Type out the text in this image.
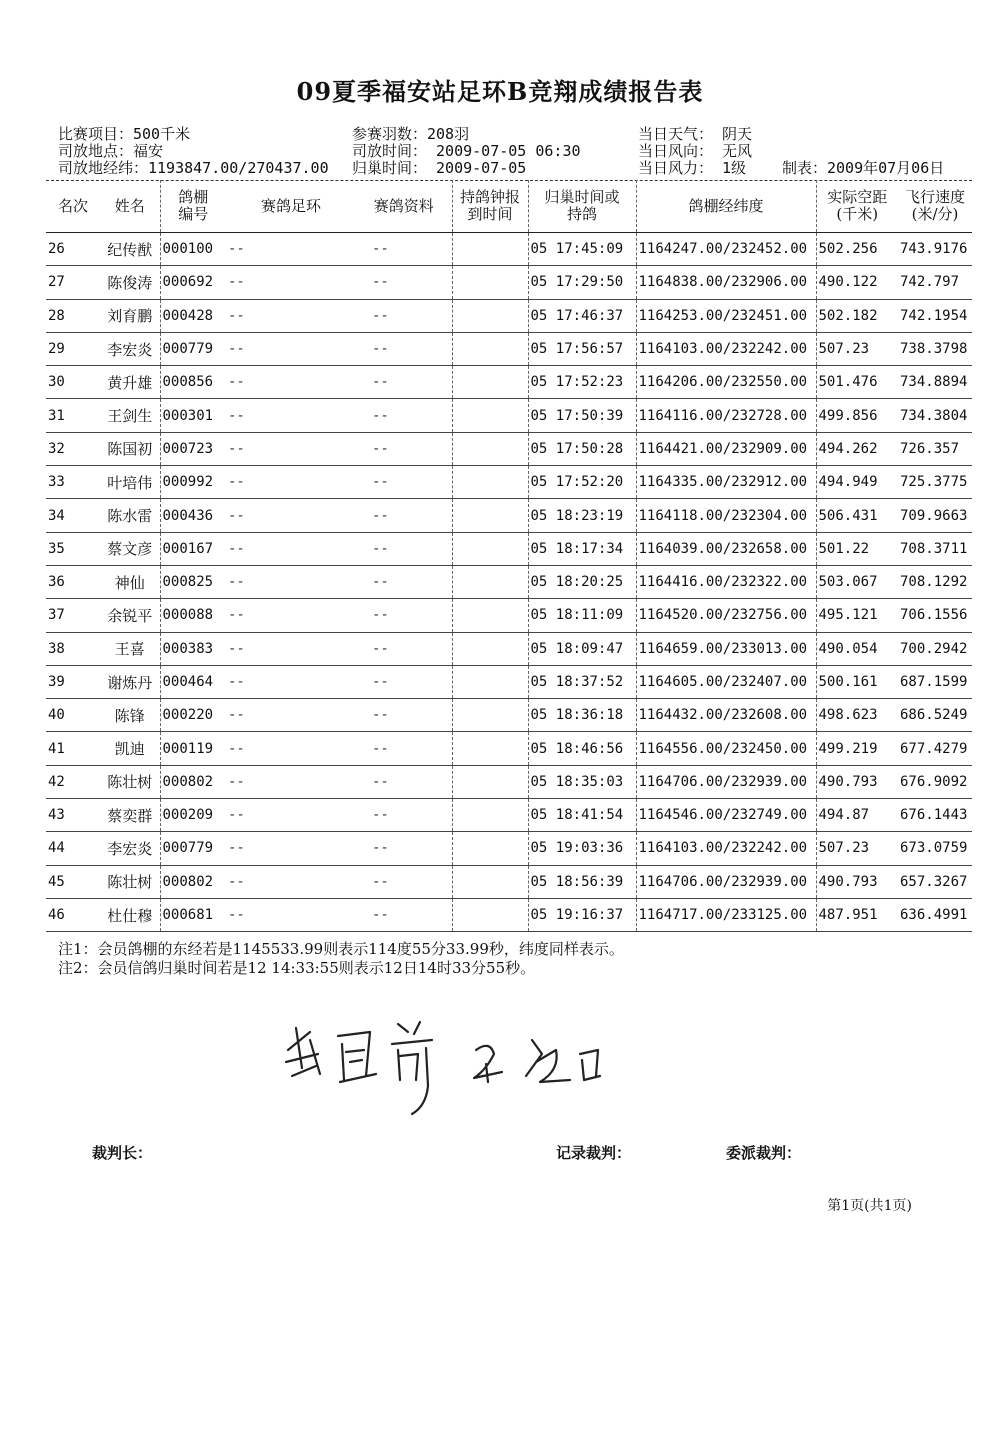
09夏季福安站足环B竞翔成绩报告表
比赛项目：500千米
司放地点：福安
司放地经纬：1193847.00/270437.00
参赛羽数：208羽
司放时间： 2009-07-05 06:30
归巢时间： 2009-07-05
当日天气： 阴天
当日风向： 无风
当日风力： 1级	制表：2009年07月06日
名次	姓名	鸽棚编号	赛鸽足环	赛鸽资料	持鸽钟报到时间	归巢时间或持鸽	鸽棚经纬度	实际空距(千米)	飞行速度(米/分)
26	纪传猷	000100	--	--		05 17:45:09	1164247.00/232452.00	502.256	743.9176
27	陈俊涛	000692	--	--		05 17:29:50	1164838.00/232906.00	490.122	742.797
28	刘育鹏	000428	--	--		05 17:46:37	1164253.00/232451.00	502.182	742.1954
29	李宏炎	000779	--	--		05 17:56:57	1164103.00/232242.00	507.23	738.3798
30	黄升雄	000856	--	--		05 17:52:23	1164206.00/232550.00	501.476	734.8894
31	王剑生	000301	--	--		05 17:50:39	1164116.00/232728.00	499.856	734.3804
32	陈国初	000723	--	--		05 17:50:28	1164421.00/232909.00	494.262	726.357
33	叶培伟	000992	--	--		05 17:52:20	1164335.00/232912.00	494.949	725.3775
34	陈水雷	000436	--	--		05 18:23:19	1164118.00/232304.00	506.431	709.9663
35	蔡文彦	000167	--	--		05 18:17:34	1164039.00/232658.00	501.22	708.3711
36	神仙	000825	--	--		05 18:20:25	1164416.00/232322.00	503.067	708.1292
37	余锐平	000088	--	--		05 18:11:09	1164520.00/232756.00	495.121	706.1556
38	王喜	000383	--	--		05 18:09:47	1164659.00/233013.00	490.054	700.2942
39	谢炼丹	000464	--	--		05 18:37:52	1164605.00/232407.00	500.161	687.1599
40	陈锋	000220	--	--		05 18:36:18	1164432.00/232608.00	498.623	686.5249
41	凯迪	000119	--	--		05 18:46:56	1164556.00/232450.00	499.219	677.4279
42	陈壮树	000802	--	--		05 18:35:03	1164706.00/232939.00	490.793	676.9092
43	蔡奕群	000209	--	--		05 18:41:54	1164546.00/232749.00	494.87	676.1443
44	李宏炎	000779	--	--		05 19:03:36	1164103.00/232242.00	507.23	673.0759
45	陈壮树	000802	--	--		05 18:56:39	1164706.00/232939.00	490.793	657.3267
46	杜仕穆	000681	--	--		05 19:16:37	1164717.00/233125.00	487.951	636.4991
注1：会员鸽棚的东经若是1145533.99则表示114度55分33.99秒，纬度同样表示。
注2：会员信鸽归巢时间若是12 14:33:55则表示12日14时33分55秒。
裁判长：	记录裁判：	委派裁判：
第1页(共1页)
